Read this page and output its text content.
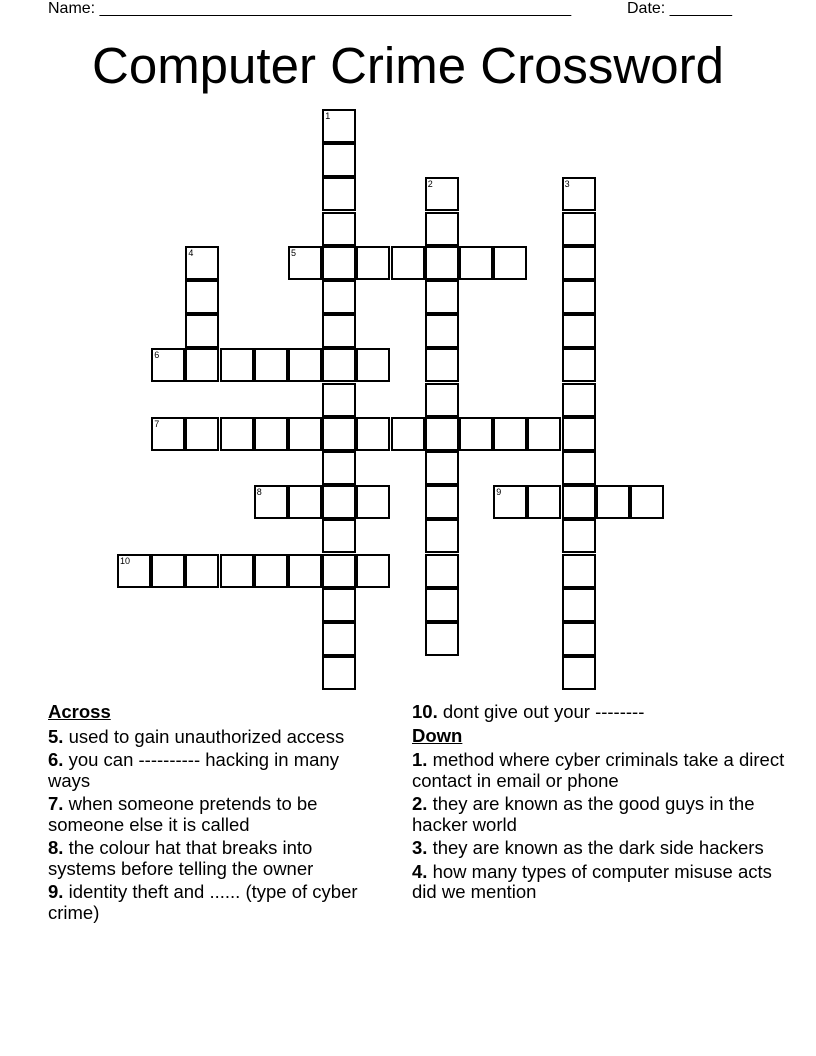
Name: _____________________________________________________	Date: _______
Computer Crime Crossword
1
2	3
4	5
6
7
8	9
10
Across
5. used to gain unauthorized access
6. you can ---------- hacking in many ways
7. when someone pretends to be someone else it is called
8. the colour hat that breaks into systems before telling the owner
9. identity theft and ...... (type of cyber crime)
10. dont give out your --------
Down
1. method where cyber criminals take a direct contact in email or phone
2. they are known as the good guys in the hacker world
3. they are known as the dark side hackers
4. how many types of computer misuse acts did we mention
